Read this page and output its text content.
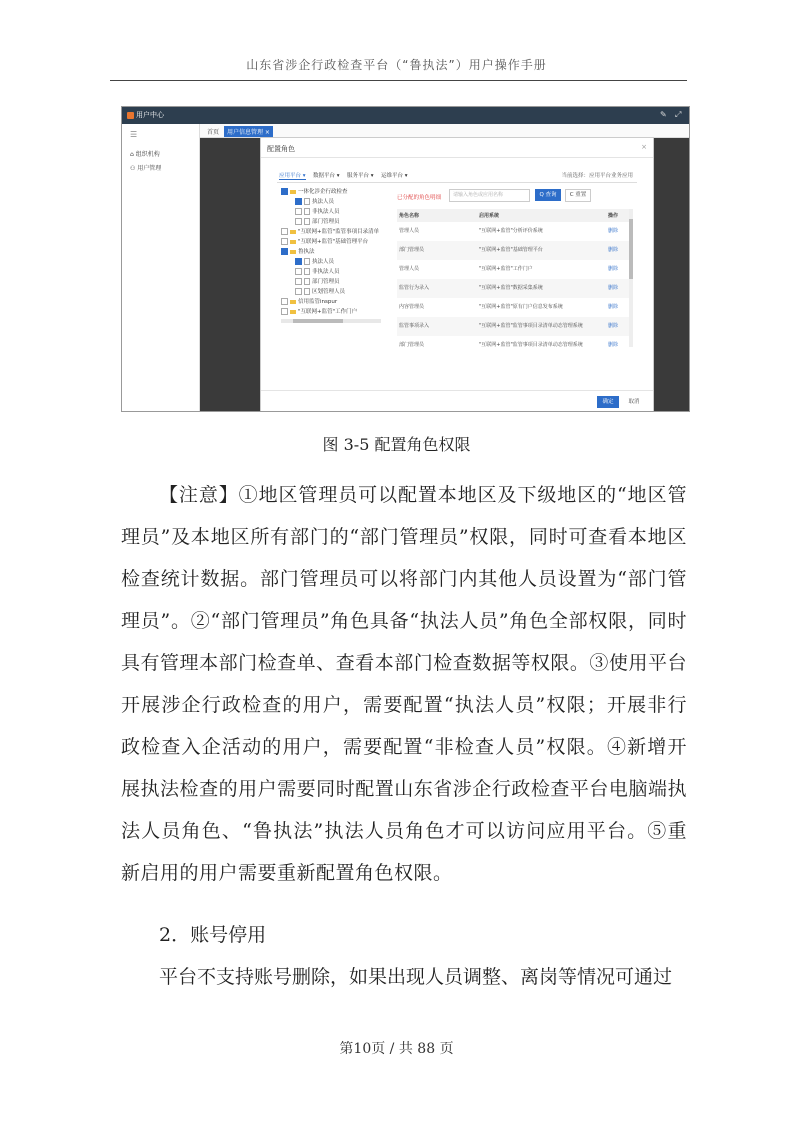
山东省涉企行政检查平台（“鲁执法”）用户操作手册
用户中心	✎ ⤢
☰
⌂ 组织机构
⚇ 用户管理
首页	用户信息管理 ×
配置角色	×
应用平台 ▾ 数据平台 ▾ 服务平台 ▾ 运维平台 ▾	当前选择：应用平台业务应用
一体化涉企行政检查
执法人员
非执法人员
部门管理员
"互联网+监管"监管事项目录清单
"互联网+监管"基础管理平台
鲁执法
执法人员
非执法人员
部门管理员
区划管理人员
信用监管inspur
"互联网+监管"工作门户
已分配的角色明细	请输入角色或应用名称	Q 查询	C 重置
角色名称	启用系统	操作
管理人员	"互联网+监管"分析评价系统	删除
部门管理员	"互联网+监管"基础管理平台	删除
管理人员	"互联网+监管"工作门户	删除
监管行为录入	"互联网+监管"数据采集系统	删除
内容管理员	"互联网+监管"原有门户信息发布系统	删除
监管事项录入	"互联网+监管"监管事项目录清单动态管理系统	删除
部门管理员	"互联网+监管"监管事项目录清单动态管理系统	删除
确定	取消
图 3-5 配置角色权限
【注意】①地区管理员可以配置本地区及下级地区的“地区管理员”及本地区所有部门的“部门管理员”权限，同时可查看本地区检查统计数据。部门管理员可以将部门内其他人员设置为“部门管理员”。②“部门管理员”角色具备“执法人员”角色全部权限，同时具有管理本部门检查单、查看本部门检查数据等权限。③使用平台开展涉企行政检查的用户，需要配置“执法人员”权限；开展非行政检查入企活动的用户，需要配置“非检查人员”权限。④新增开展执法检查的用户需要同时配置山东省涉企行政检查平台电脑端执法人员角色、“鲁执法”执法人员角色才可以访问应用平台。⑤重新启用的用户需要重新配置角色权限。
2．账号停用
平台不支持账号删除，如果出现人员调整、离岗等情况可通过
第10页 / 共 88 页
